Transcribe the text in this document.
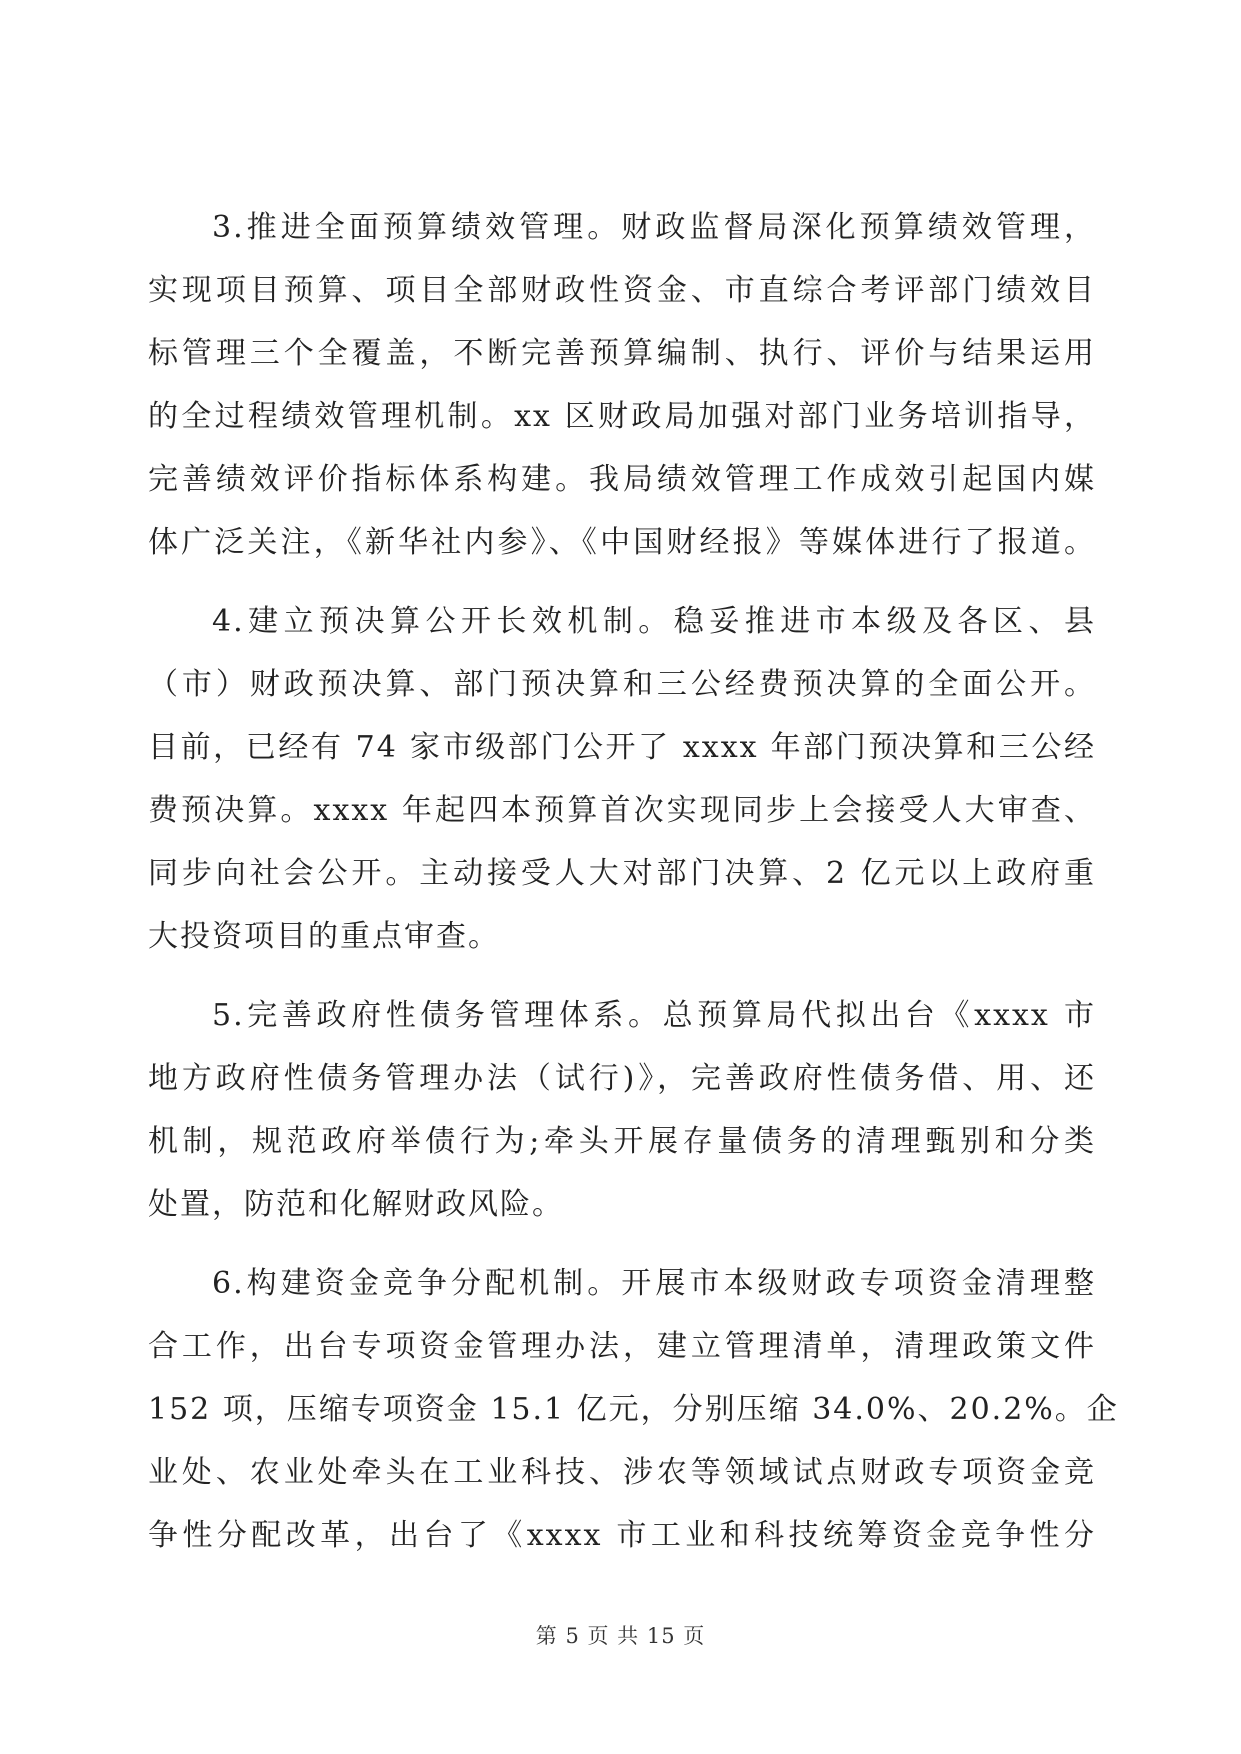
3.推进全面预算绩效管理。财政监督局深化预算绩效管理，
实现项目预算、项目全部财政性资金、市直综合考评部门绩效目
标管理三个全覆盖，不断完善预算编制、执行、评价与结果运用
的全过程绩效管理机制。xx 区财政局加强对部门业务培训指导，
完善绩效评价指标体系构建。我局绩效管理工作成效引起国内媒
体广泛关注，《新华社内参》、《中国财经报》等媒体进行了报道。
4.建立预决算公开长效机制。稳妥推进市本级及各区、县
（市）财政预决算、部门预决算和三公经费预决算的全面公开。
目前，已经有 74 家市级部门公开了 xxxx 年部门预决算和三公经
费预决算。xxxx 年起四本预算首次实现同步上会接受人大审查、
同步向社会公开。主动接受人大对部门决算、2 亿元以上政府重
大投资项目的重点审查。
5.完善政府性债务管理体系。总预算局代拟出台《xxxx 市
地方政府性债务管理办法（试行)》，完善政府性债务借、用、还
机制，规范政府举债行为;牵头开展存量债务的清理甄别和分类
处置，防范和化解财政风险。
6.构建资金竞争分配机制。开展市本级财政专项资金清理整
合工作，出台专项资金管理办法，建立管理清单，清理政策文件
152 项，压缩专项资金 15.1 亿元，分别压缩 34.0%、20.2%。企
业处、农业处牵头在工业科技、涉农等领域试点财政专项资金竞
争性分配改革，出台了《xxxx 市工业和科技统筹资金竞争性分
第 5 页 共 15 页
